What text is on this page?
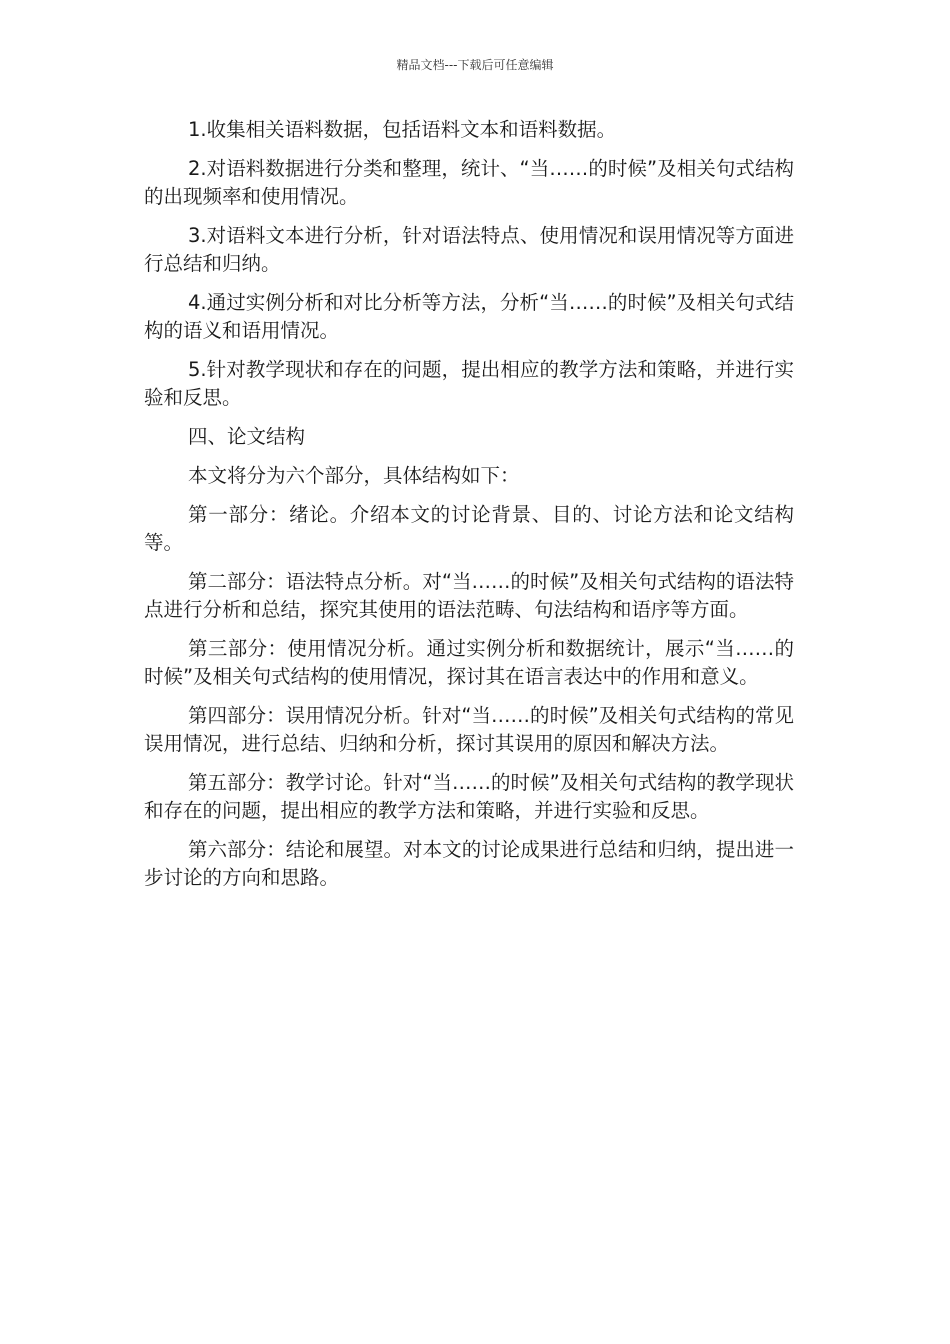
精品文档---下载后可任意编辑

1.收集相关语料数据，包括语料文本和语料数据。

2.对语料数据进行分类和整理，统计、“当……的时候”及相关句式结构的出现频率和使用情况。

3.对语料文本进行分析，针对语法特点、使用情况和误用情况等方面进行总结和归纳。

4.通过实例分析和对比分析等方法，分析“当……的时候”及相关句式结构的语义和语用情况。

5.针对教学现状和存在的问题，提出相应的教学方法和策略，并进行实验和反思。

四、论文结构

本文将分为六个部分，具体结构如下：

第一部分：绪论。介绍本文的讨论背景、目的、讨论方法和论文结构等。

第二部分：语法特点分析。对“当……的时候”及相关句式结构的语法特点进行分析和总结，探究其使用的语法范畴、句法结构和语序等方面。

第三部分：使用情况分析。通过实例分析和数据统计，展示“当……的时候”及相关句式结构的使用情况，探讨其在语言表达中的作用和意义。

第四部分：误用情况分析。针对“当……的时候”及相关句式结构的常见误用情况，进行总结、归纳和分析，探讨其误用的原因和解决方法。

第五部分：教学讨论。针对“当……的时候”及相关句式结构的教学现状和存在的问题，提出相应的教学方法和策略，并进行实验和反思。

第六部分：结论和展望。对本文的讨论成果进行总结和归纳，提出进一步讨论的方向和思路。
